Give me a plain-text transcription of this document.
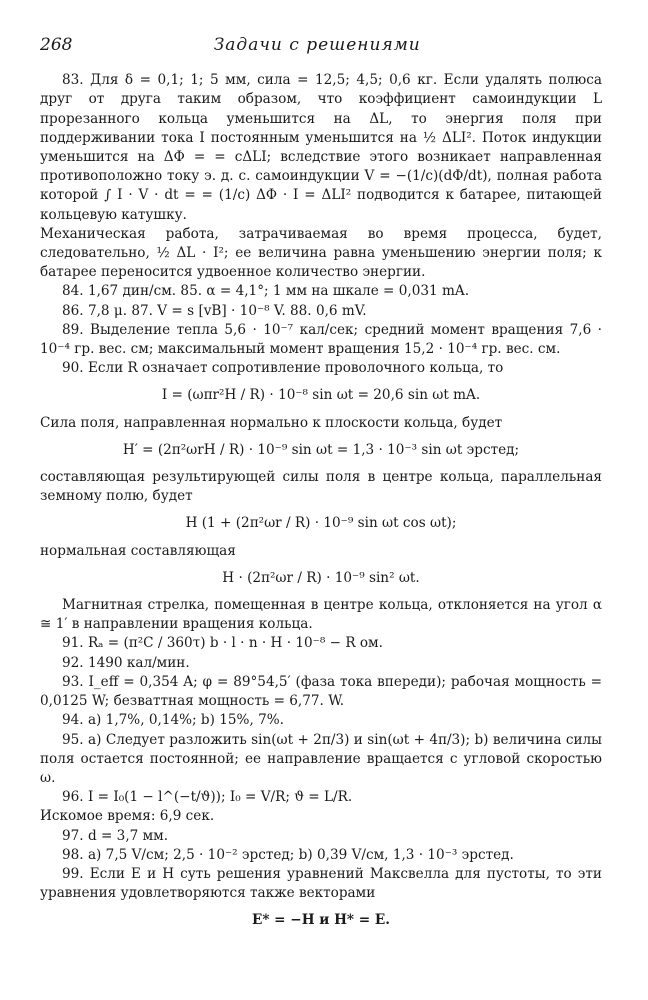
268	Задачи с решениями

83. Для δ = 0,1; 1; 5 мм, сила = 12,5; 4,5; 0,6 кг. Если удалять полюса друг от друга таким образом, что коэффициент самоиндукции L прорезанного кольца уменьшится на ΔL, то энергия поля при поддерживании тока I постоянным уменьшится на ½ ΔLI². Поток индукции уменьшится на ΔΦ = = cΔLI; вследствие этого возникает направленная противоположно току э. д. с. самоиндукции V = −(1/c)(dΦ/dt), полная работа которой ∫ I · V · dt = = (1/c) ΔΦ · I = ΔLI² подводится к батарее, питающей кольцевую катушку.

Механическая работа, затрачиваемая во время процесса, будет, следовательно, ½ ΔL · I²; ее величина равна уменьшению энергии поля; к батарее переносится удвоенное количество энергии.

84. 1,67 дин/см. 85. α = 4,1°; 1 мм на шкале = 0,031 mA.

86. 7,8 μ. 87. V = s [vB] · 10⁻⁸ V. 88. 0,6 mV.

89. Выделение тепла 5,6 · 10⁻⁷ кал/сек; средний момент вращения 7,6 · 10⁻⁴ гр. вес. см; максимальный момент вращения 15,2 · 10⁻⁴ гр. вес. см.

90. Если R означает сопротивление проволочного кольца, то

I = (ωπr²H / R) · 10⁻⁸ sin ωt = 20,6 sin ωt mA.

Сила поля, направленная нормально к плоскости кольца, будет

H′ = (2π²ωrH / R) · 10⁻⁹ sin ωt = 1,3 · 10⁻³ sin ωt эрстед;

составляющая результирующей силы поля в центре кольца, параллельная земному полю, будет

H (1 + (2π²ωr / R) · 10⁻⁹ sin ωt cos ωt);

нормальная составляющая

H · (2π²ωr / R) · 10⁻⁹ sin² ωt.

Магнитная стрелка, помещенная в центре кольца, отклоняется на угол α ≅ 1′ в направлении вращения кольца.

91. Rₐ = (π²C / 360τ) b · l · n · H · 10⁻⁸ − R ом.

92. 1490 кал/мин.

93. I_eff = 0,354 A; φ = 89°54,5′ (фаза тока впереди); рабочая мощность = 0,0125 W; безваттная мощность = 6,77. W.

94. a) 1,7%, 0,14%; b) 15%, 7%.

95. a) Следует разложить sin(ωt + 2π/3) и sin(ωt + 4π/3); b) величина силы поля остается постоянной; ее направление вращается с угловой скоростью ω.

96. I = I₀(1 − l^(−t/ϑ)); I₀ = V/R; ϑ = L/R.

Искомое время: 6,9 сек.

97. d = 3,7 мм.

98. a) 7,5 V/см; 2,5 · 10⁻² эрстед; b) 0,39 V/см, 1,3 · 10⁻³ эрстед.

99. Если E и H суть решения уравнений Максвелла для пустоты, то эти уравнения удовлетворяются также векторами

E* = −H и H* = E.
